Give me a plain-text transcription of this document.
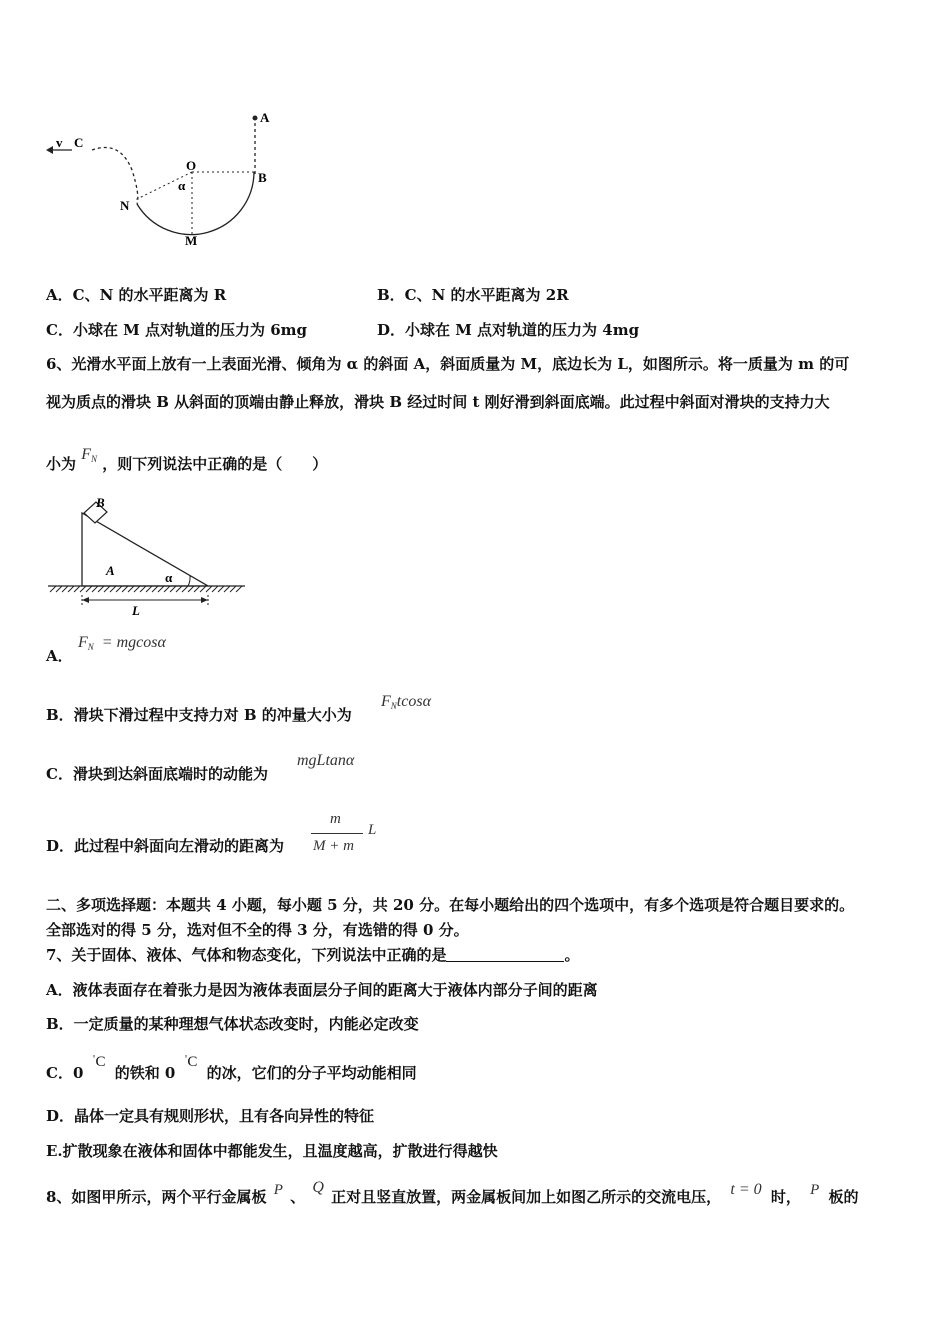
v C
O
A
B
N
M
α
A．C、N 的水平距离为 R	B．C、N 的水平距离为 2R
C．小球在 M 点对轨道的压力为 6mg	D．小球在 M 点对轨道的压力为 4mg
6、光滑水平面上放有一上表面光滑、倾角为 α 的斜面 A，斜面质量为 M，底边长为 L，如图所示。将一质量为 m 的可
视为质点的滑块 B 从斜面的顶端由静止释放，滑块 B 经过时间 t 刚好滑到斜面底端。此过程中斜面对滑块的支持力大
小为 $F_N$ ，则下列说法中正确的是（　　）
B
A	α
L
A．
$F_N = mgcos\alpha$
B．滑块下滑过程中支持力对 B 的冲量大小为
$F_Ntcos\alpha$
C．滑块到达斜面底端时的动能为
mgLtanα
D．此过程中斜面向左滑动的距离为
m
M + m
L
二、多项选择题：本题共 4 小题，每小题 5 分，共 20 分。在每小题给出的四个选项中，有多个选项是符合题目要求的。
全部选对的得 5 分，选对但不全的得 3 分，有选错的得 0 分。
7、关于固体、液体、气体和物态变化，下列说法中正确的是	。
A．液体表面存在着张力是因为液体表面层分子间的距离大于液体内部分子间的距离
B．一定质量的某种理想气体状态改变时，内能必定改变
C．0 °C 的铁和 0 °C 的冰，它们的分子平均动能相同
D．晶体一定具有规则形状，且有各向异性的特征
E.扩散现象在液体和固体中都能发生，且温度越高，扩散进行得越快
8、如图甲所示，两个平行金属板 P 、 Q 正对且竖直放置，两金属板间加上如图乙所示的交流电压， t = 0 时， P 板的
